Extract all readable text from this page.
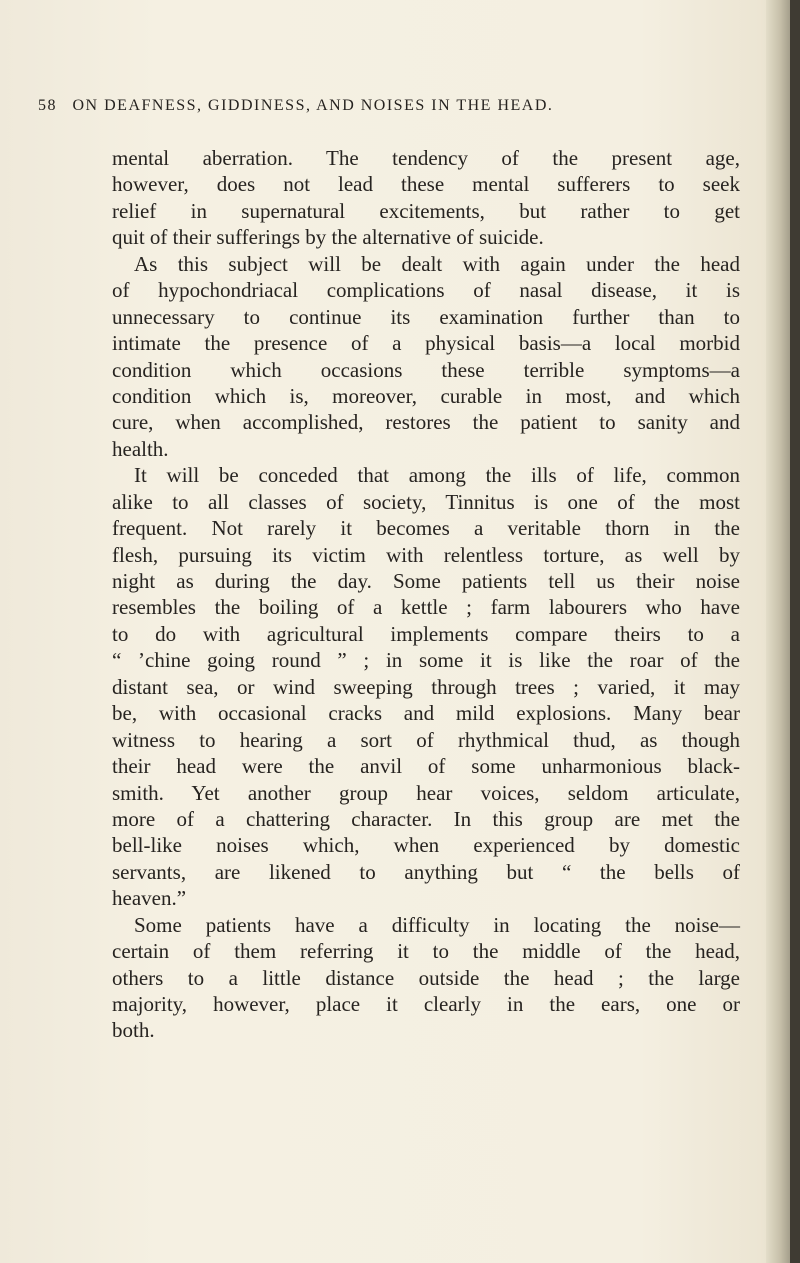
58 ON DEAFNESS, GIDDINESS, AND NOISES IN THE HEAD.
mental aberration. The tendency of the present age,
however, does not lead these mental sufferers to seek
relief in supernatural excitements, but rather to get
quit of their sufferings by the alternative of suicide.
As this subject will be dealt with again under the head
of hypochondriacal complications of nasal disease, it is
unnecessary to continue its examination further than to
intimate the presence of a physical basis—a local morbid
condition which occasions these terrible symptoms—a
condition which is, moreover, curable in most, and which
cure, when accomplished, restores the patient to sanity and
health.
It will be conceded that among the ills of life, common
alike to all classes of society, Tinnitus is one of the most
frequent. Not rarely it becomes a veritable thorn in the
flesh, pursuing its victim with relentless torture, as well by
night as during the day. Some patients tell us their noise
resembles the boiling of a kettle ; farm labourers who have
to do with agricultural implements compare theirs to a
“ ’chine going round ” ; in some it is like the roar of the
distant sea, or wind sweeping through trees ; varied, it may
be, with occasional cracks and mild explosions. Many bear
witness to hearing a sort of rhythmical thud, as though
their head were the anvil of some unharmonious black-
smith. Yet another group hear voices, seldom articulate,
more of a chattering character. In this group are met the
bell-like noises which, when experienced by domestic
servants, are likened to anything but “ the bells of
heaven.”
Some patients have a difficulty in locating the noise—
certain of them referring it to the middle of the head,
others to a little distance outside the head ; the large
majority, however, place it clearly in the ears, one or
both.
